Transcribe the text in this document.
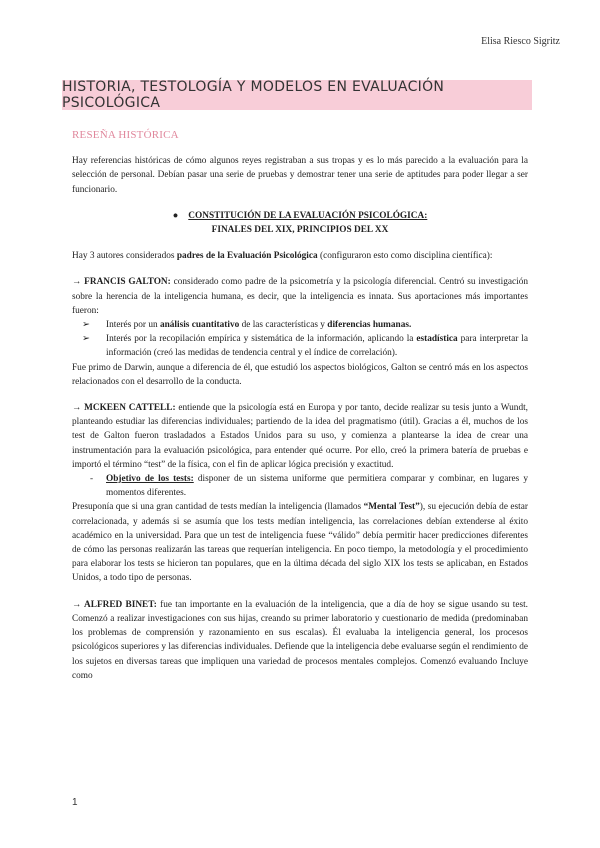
Elisa Riesco Sigritz
HISTORIA, TESTOLOGÍA Y MODELOS EN EVALUACIÓN PSICOLÓGICA
RESEÑA HISTÓRICA

Hay referencias históricas de cómo algunos reyes registraban a sus tropas y es lo más parecido a la evaluación para la selección de personal. Debían pasar una serie de pruebas y demostrar tener una serie de aptitudes para poder llegar a ser funcionario.

● CONSTITUCIÓN DE LA EVALUACIÓN PSICOLÓGICA:
FINALES DEL XIX, PRINCIPIOS DEL XX

Hay 3 autores considerados padres de la Evaluación Psicológica (configuraron esto como disciplina científica):

→ FRANCIS GALTON: considerado como padre de la psicometría y la psicología diferencial. Centró su investigación sobre la herencia de la inteligencia humana, es decir, que la inteligencia es innata. Sus aportaciones más importantes fueron:

➢ Interés por un análisis cuantitativo de las características y diferencias humanas.
➢ Interés por la recopilación empírica y sistemática de la información, aplicando la estadística para interpretar la información (creó las medidas de tendencia central y el índice de correlación).

Fue primo de Darwin, aunque a diferencia de él, que estudió los aspectos biológicos, Galton se centró más en los aspectos relacionados con el desarrollo de la conducta.

→ MCKEEN CATTELL: entiende que la psicología está en Europa y por tanto, decide realizar su tesis junto a Wundt, planteando estudiar las diferencias individuales; partiendo de la idea del pragmatismo (útil). Gracias a él, muchos de los test de Galton fueron trasladados a Estados Unidos para su uso, y comienza a plantearse la idea de crear una instrumentación para la evaluación psicológica, para entender qué ocurre. Por ello, creó la primera batería de pruebas e importó el término “test” de la física, con el fin de aplicar lógica precisión y exactitud.

- Objetivo de los tests: disponer de un sistema uniforme que permitiera comparar y combinar, en lugares y momentos diferentes.

Presuponía que si una gran cantidad de tests medían la inteligencia (llamados “Mental Test”), su ejecución debía de estar correlacionada, y además si se asumía que los tests medían inteligencia, las correlaciones debían extenderse al éxito académico en la universidad. Para que un test de inteligencia fuese “válido” debía permitir hacer predicciones diferentes de cómo las personas realizarán las tareas que requerían inteligencia. En poco tiempo, la metodología y el procedimiento para elaborar los tests se hicieron tan populares, que en la última década del siglo XIX los tests se aplicaban, en Estados Unidos, a todo tipo de personas.

→ ALFRED BINET: fue tan importante en la evaluación de la inteligencia, que a día de hoy se sigue usando su test. Comenzó a realizar investigaciones con sus hijas, creando su primer laboratorio y cuestionario de medida (predominaban los problemas de comprensión y razonamiento en sus escalas). Él evaluaba la inteligencia general, los procesos psicológicos superiores y las diferencias individuales. Defiende que la inteligencia debe evaluarse según el rendimiento de los sujetos en diversas tareas que impliquen una variedad de procesos mentales complejos. Comenzó evaluando Incluye como

1
